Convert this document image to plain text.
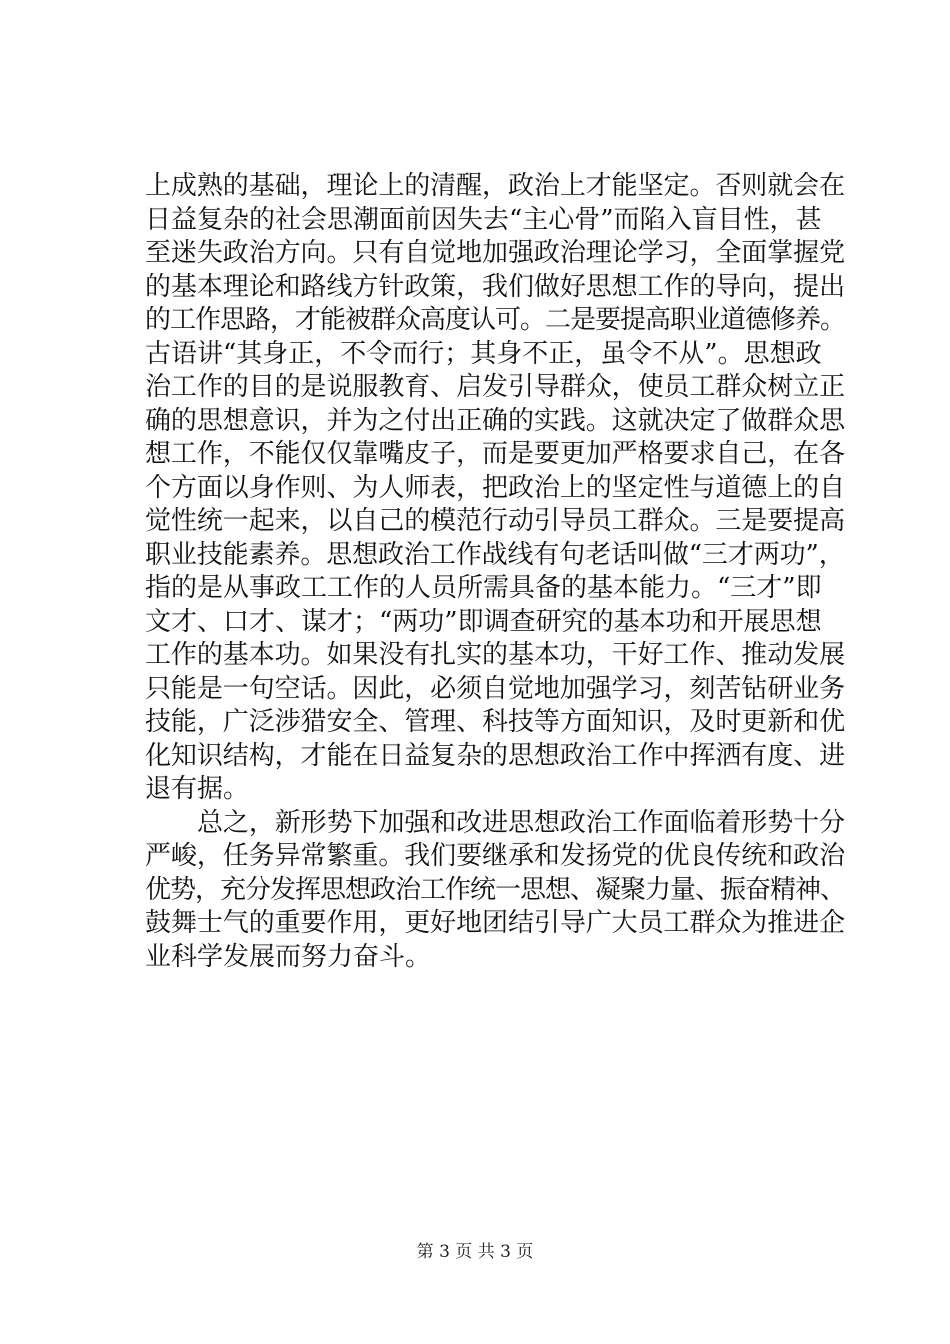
上成熟的基础，理论上的清醒，政治上才能坚定。否则就会在
日益复杂的社会思潮面前因失去“主心骨”而陷入盲目性，甚
至迷失政治方向。只有自觉地加强政治理论学习，全面掌握党
的基本理论和路线方针政策，我们做好思想工作的导向，提出
的工作思路，才能被群众高度认可。二是要提高职业道德修养。
古语讲“其身正，不令而行；其身不正，虽令不从”。思想政
治工作的目的是说服教育、启发引导群众，使员工群众树立正
确的思想意识，并为之付出正确的实践。这就决定了做群众思
想工作，不能仅仅靠嘴皮子，而是要更加严格要求自己，在各
个方面以身作则、为人师表，把政治上的坚定性与道德上的自
觉性统一起来，以自己的模范行动引导员工群众。三是要提高
职业技能素养。思想政治工作战线有句老话叫做“三才两功”，
指的是从事政工工作的人员所需具备的基本能力。“三才”即
文才、口才、谋才；“两功”即调查研究的基本功和开展思想
工作的基本功。如果没有扎实的基本功，干好工作、推动发展
只能是一句空话。因此，必须自觉地加强学习，刻苦钻研业务
技能，广泛涉猎安全、管理、科技等方面知识，及时更新和优
化知识结构，才能在日益复杂的思想政治工作中挥洒有度、进
退有据。
总之，新形势下加强和改进思想政治工作面临着形势十分
严峻，任务异常繁重。我们要继承和发扬党的优良传统和政治
优势，充分发挥思想政治工作统一思想、凝聚力量、振奋精神、
鼓舞士气的重要作用，更好地团结引导广大员工群众为推进企
业科学发展而努力奋斗。
第 3 页 共 3 页
